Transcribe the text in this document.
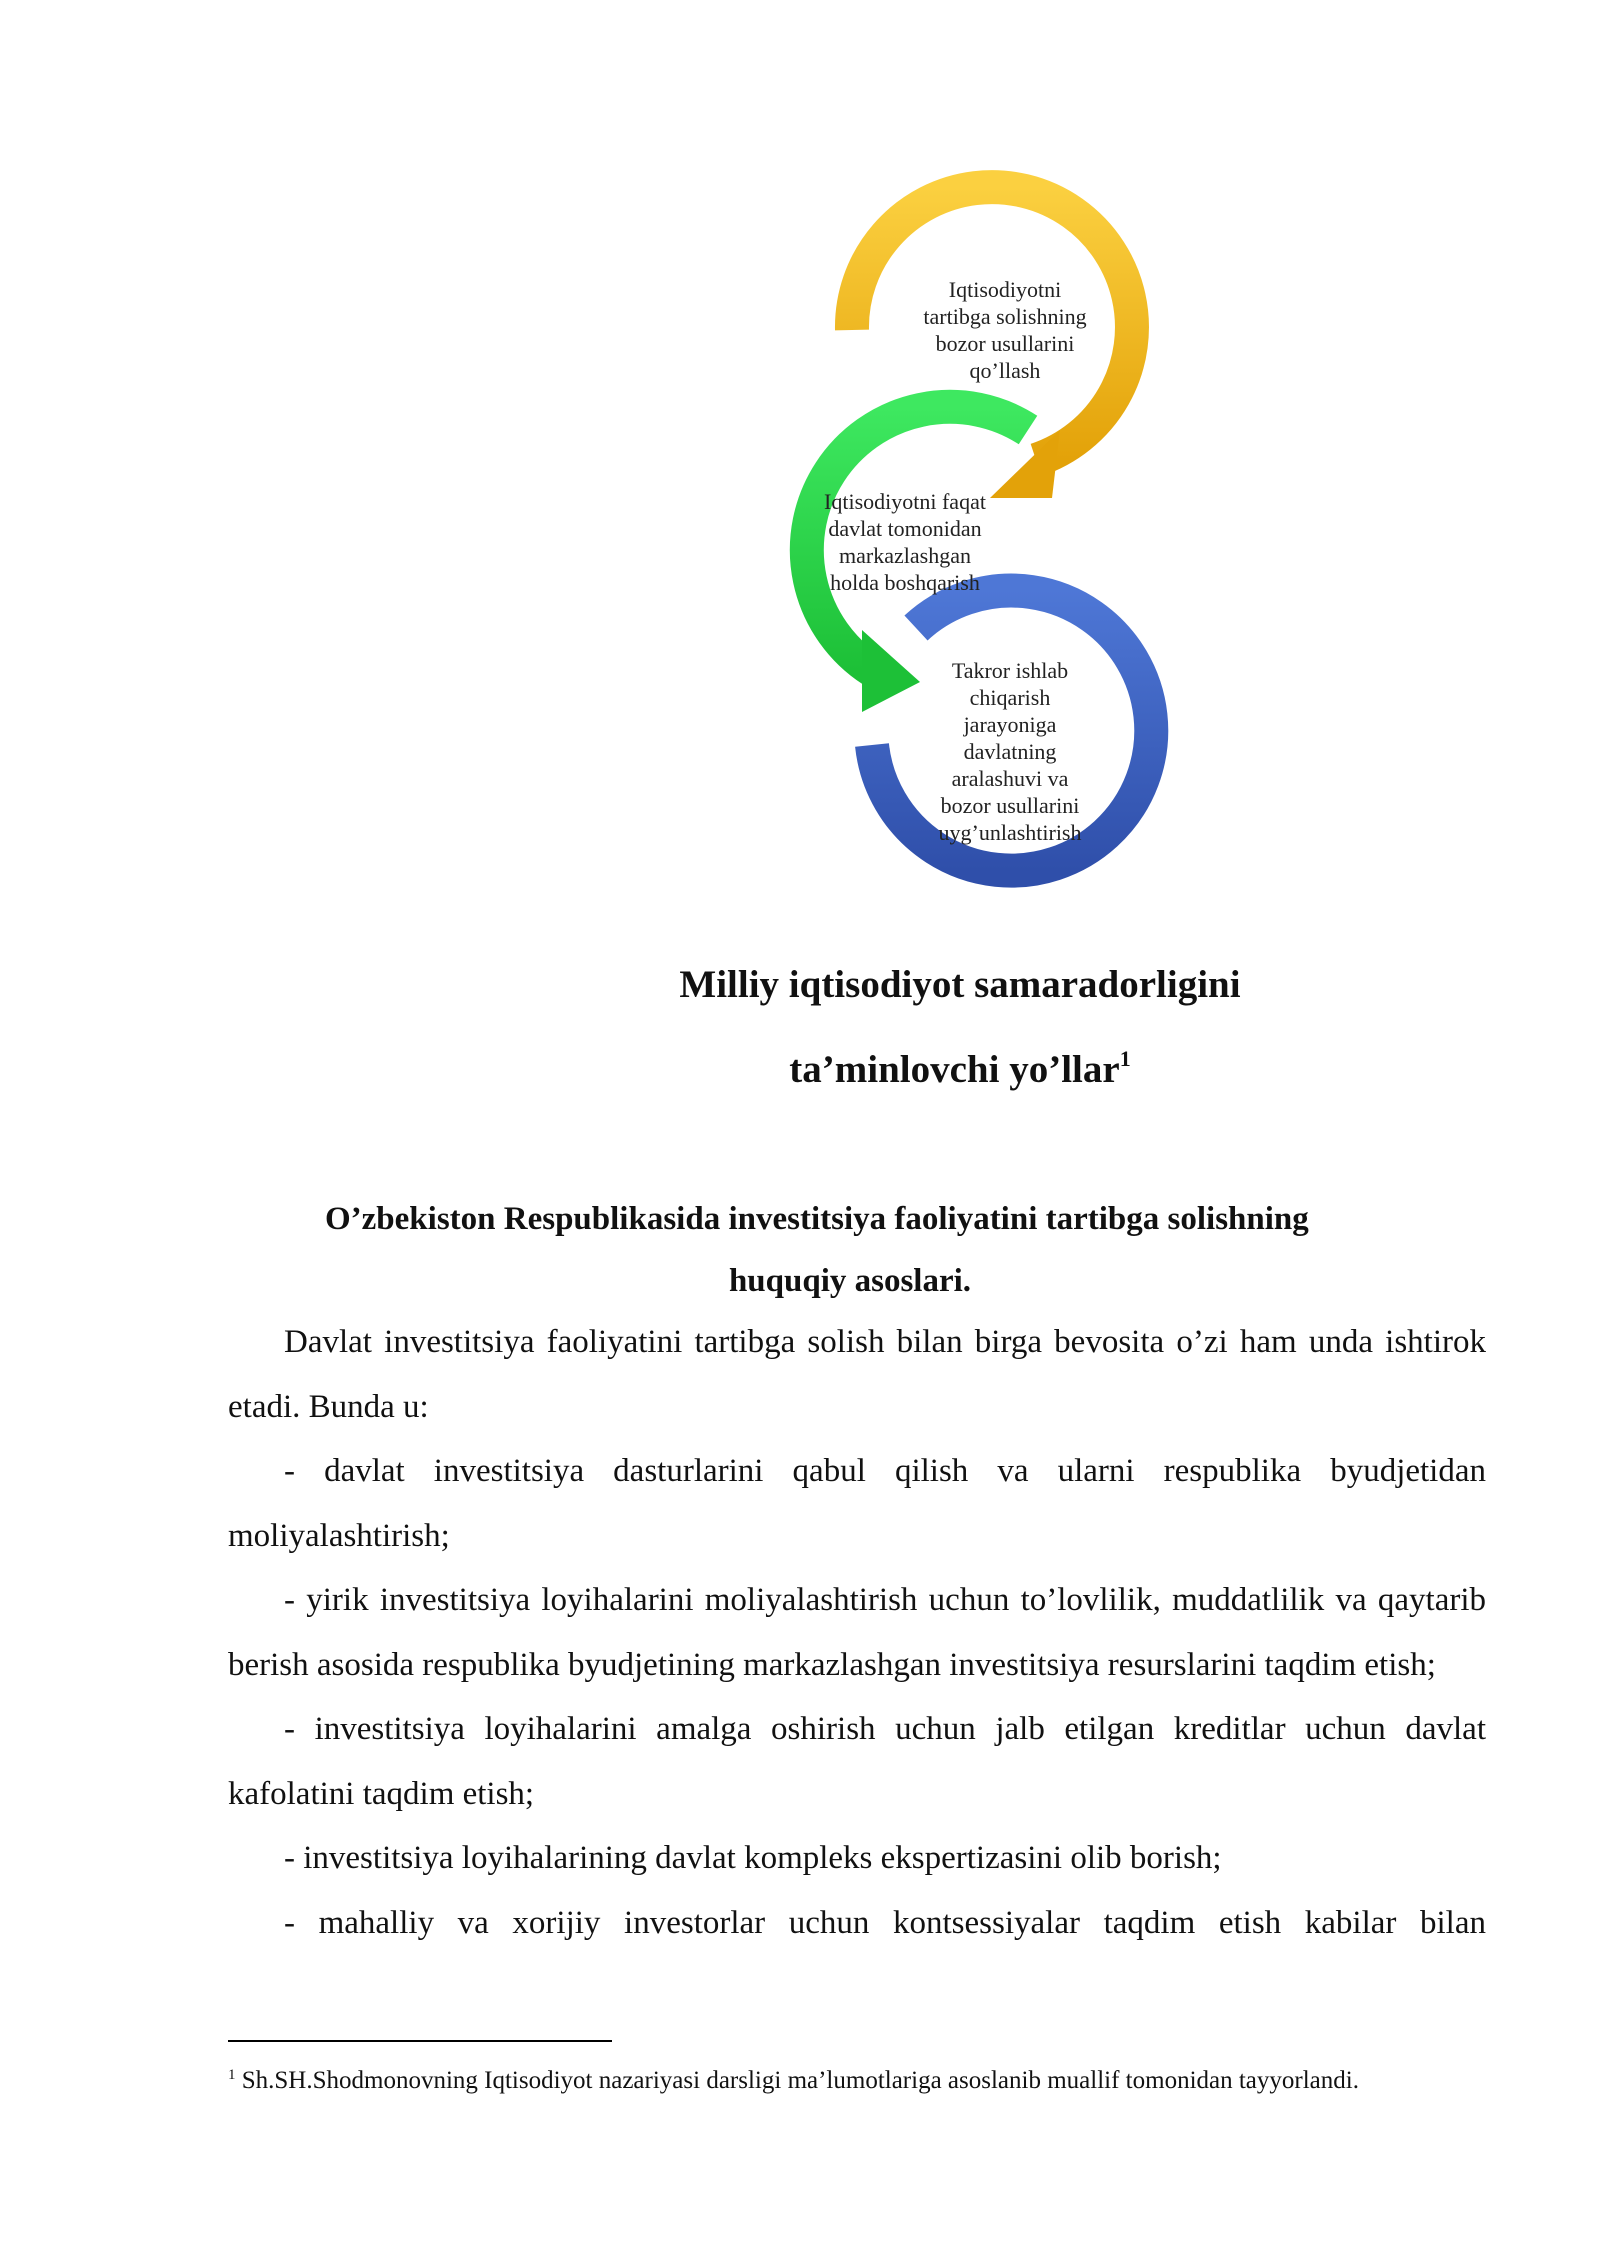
Iqtisodiyotni
tartibga solishning
bozor usullarini
qo’llash
Iqtisodiyotni faqat
davlat tomonidan
markazlashgan
holda boshqarish
Takror ishlab
chiqarish
jarayoniga
davlatning
aralashuvi va
bozor usullarini
uyg’unlashtirish
Milliy iqtisodiyot samaradorligini
ta’minlovchi yo’llar$^1$
O’zbekiston Respublikasida investitsiya faoliyatini tartibga solishning
huquqiy asoslari.

Davlat investitsiya faoliyatini tartibga solish bilan birga bevosita o’zi ham unda ishtirok etadi. Bunda u:

- davlat investitsiya dasturlarini qabul qilish va ularni respublika byudjetidan moliyalashtirish;

- yirik investitsiya loyihalarini moliyalashtirish uchun to’lovlilik, muddatlilik va qaytarib berish asosida respublika byudjetining markazlashgan investitsiya resurslarini taqdim etish;

- investitsiya loyihalarini amalga oshirish uchun jalb etilgan kreditlar uchun davlat kafolatini taqdim etish;

- investitsiya loyihalarining davlat kompleks ekspertizasini olib borish;

- mahalliy va xorijiy investorlar uchun kontsessiyalar taqdim etish kabilar bilan

$^1$ Sh.SH.Shodmonovning Iqtisodiyot nazariyasi darsligi ma’lumotlariga asoslanib muallif tomonidan tayyorlandi.
